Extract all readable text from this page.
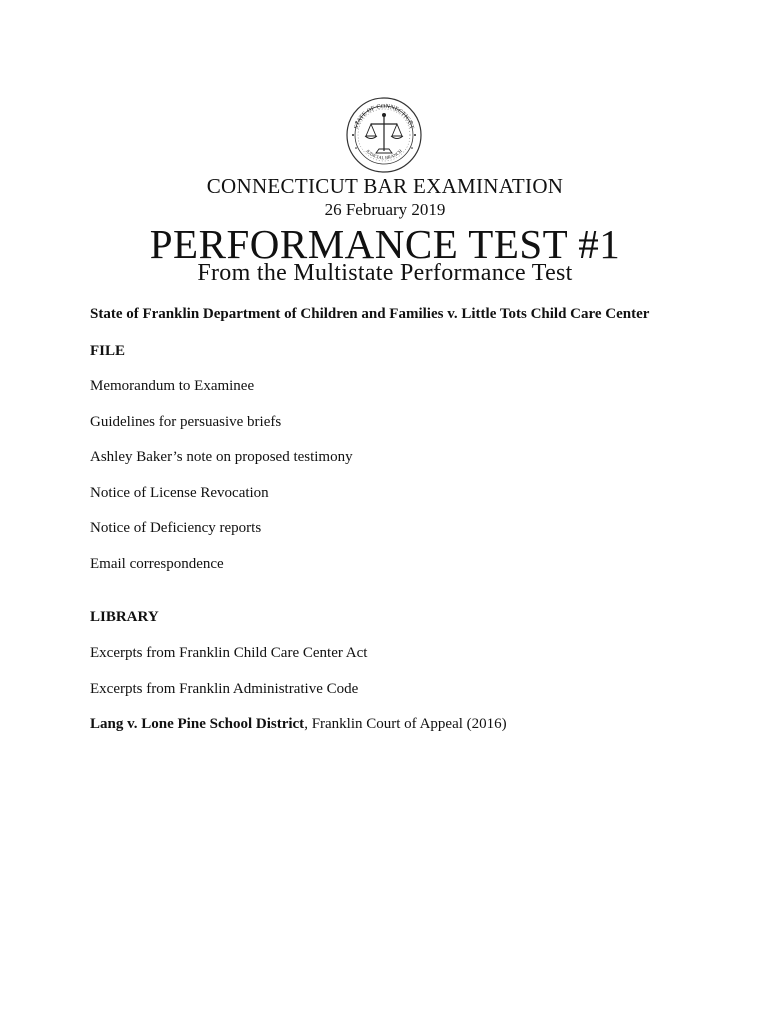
STATE OF CONNECTICUT
JUDICIAL BRANCH
CONNECTICUT BAR EXAMINATION
26 February 2019
PERFORMANCE TEST #1
From the Multistate Performance Test
State of Franklin Department of Children and Families v. Little Tots Child Care Center
FILE
Memorandum to Examinee
Guidelines for persuasive briefs
Ashley Baker’s note on proposed testimony
Notice of License Revocation
Notice of Deficiency reports
Email correspondence
LIBRARY
Excerpts from Franklin Child Care Center Act
Excerpts from Franklin Administrative Code
Lang v. Lone Pine School District, Franklin Court of Appeal (2016)
